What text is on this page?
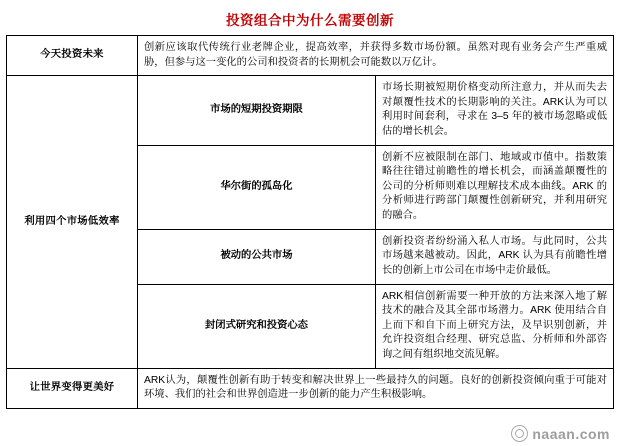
投资组合中为什么需要创新
今天投资未来	创新应该取代传统行业老牌企业，提高效率，并获得多数市场份额。虽然对现有业务会产生严重威胁，但参与这一变化的公司和投资者的长期机会可能数以万亿计。	
利用四个市场低效率	市场的短期投资期限	市场长期被短期价格变动所注意力，并从而失去对颠覆性技术的长期影响的关注。ARK认为可以利用时间套利，寻求在 3–5 年的被市场忽略或低估的增长机会。
	华尔街的孤岛化	创新不应被限制在部门、地域或市值中。指数策略往往错过前瞻性的增长机会，而涵盖颠覆性的公司的分析师则难以理解技术成本曲线。ARK 的分析师进行跨部门颠覆性创新研究，并利用研究的融合。
	被动的公共市场	创新投资者纷纷涌入私人市场。与此同时，公共市场越来越被动。因此，ARK 认为具有前瞻性增长的创新上市公司在市场中走价最低。
	封闭式研究和投资心态	ARK相信创新需要一种开放的方法来深入地了解技术的融合及其全部市场潜力。ARK 使用结合自上而下和自下而上研究方法，及早识别创新，并允许投资组合经理、研究总监、分析师和外部咨询之间有组织地交流见解。
让世界变得更美好	ARK认为，颠覆性创新有助于转变和解决世界上一些最持久的问题。良好的创新投资倾向重于可能对环境、我们的社会和世界创造进一步创新的能力产生积极影响。	
naaan.com
